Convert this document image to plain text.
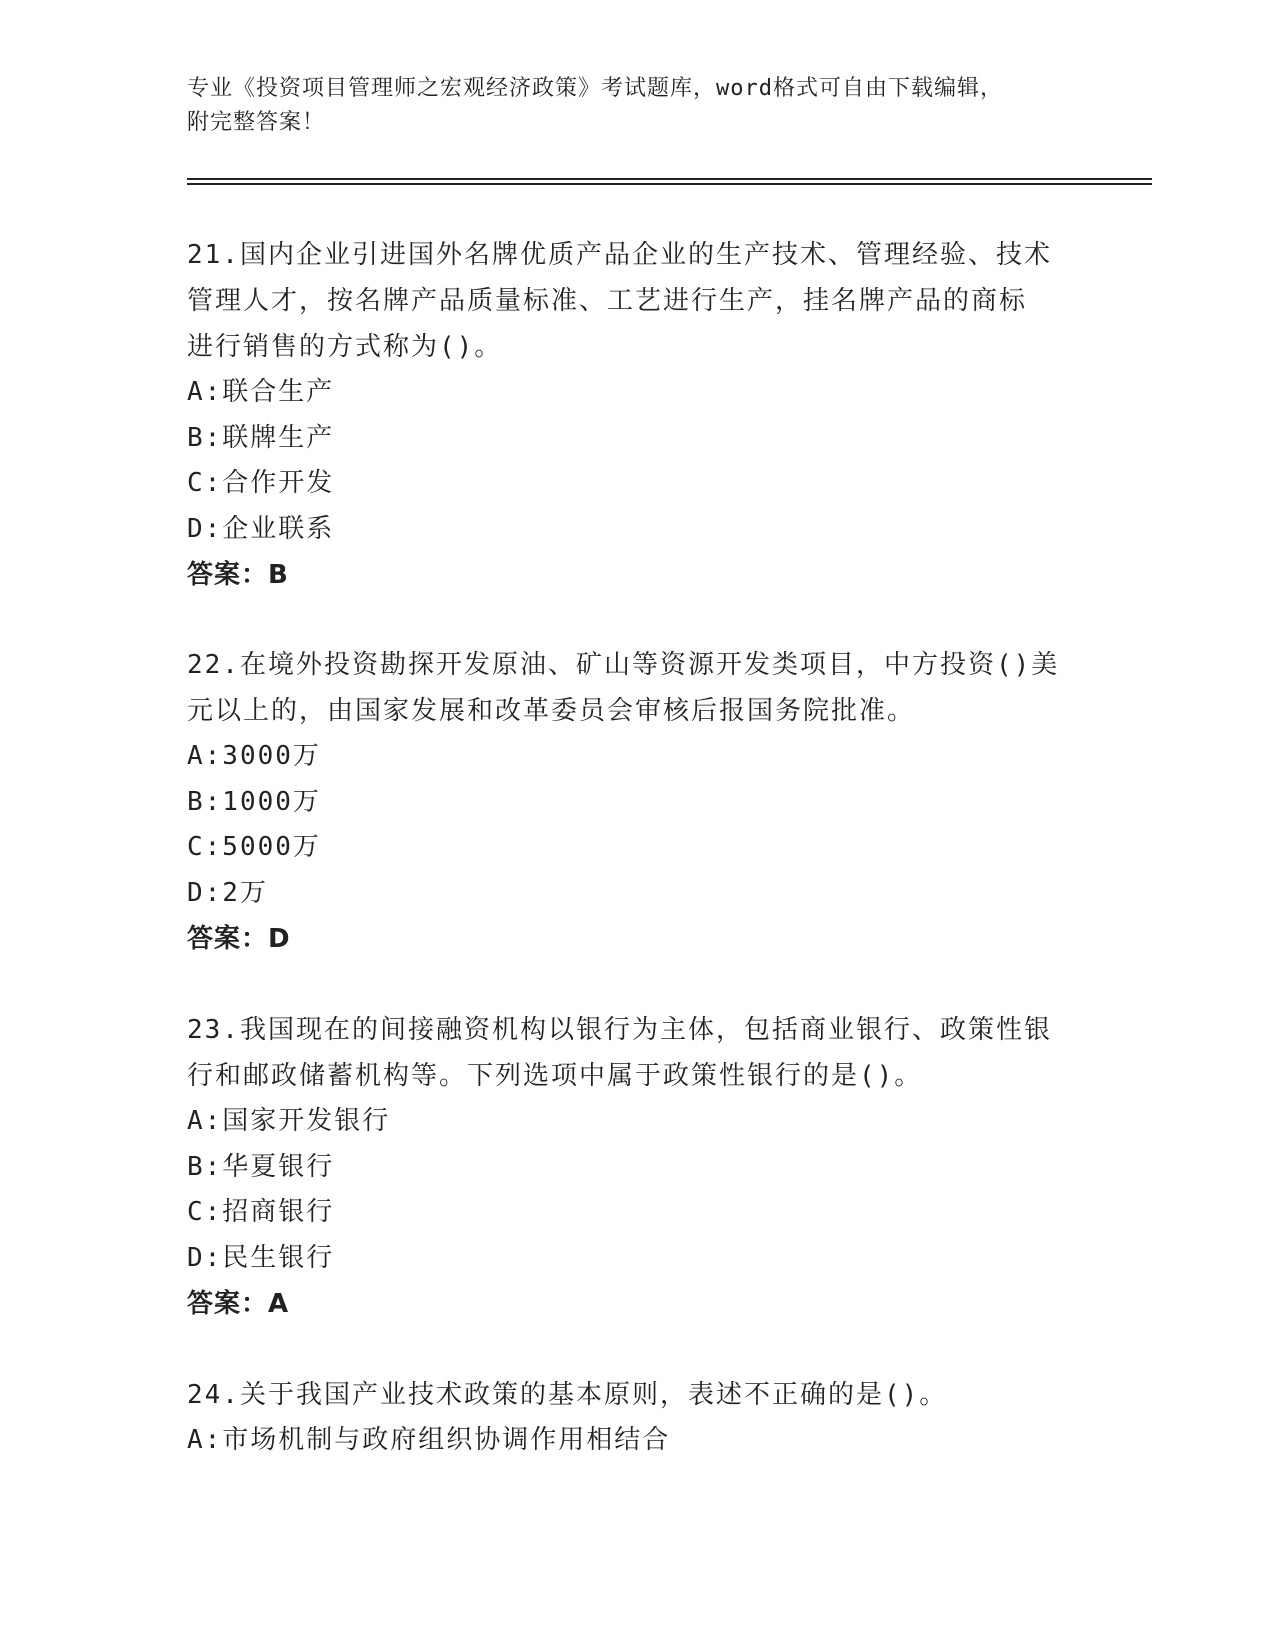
专业《投资项目管理师之宏观经济政策》考试题库，word格式可自由下载编辑，
附完整答案！
21.国内企业引进国外名牌优质产品企业的生产技术、管理经验、技术
管理人才，按名牌产品质量标准、工艺进行生产，挂名牌产品的商标
进行销售的方式称为()。
A:联合生产
B:联牌生产
C:合作开发
D:企业联系
答案：B
22.在境外投资勘探开发原油、矿山等资源开发类项目，中方投资()美
元以上的，由国家发展和改革委员会审核后报国务院批准。
A:3000万
B:1000万
C:5000万
D:2万
答案：D
23.我国现在的间接融资机构以银行为主体，包括商业银行、政策性银
行和邮政储蓄机构等。下列选项中属于政策性银行的是()。
A:国家开发银行
B:华夏银行
C:招商银行
D:民生银行
答案：A
24.关于我国产业技术政策的基本原则，表述不正确的是()。
A:市场机制与政府组织协调作用相结合
